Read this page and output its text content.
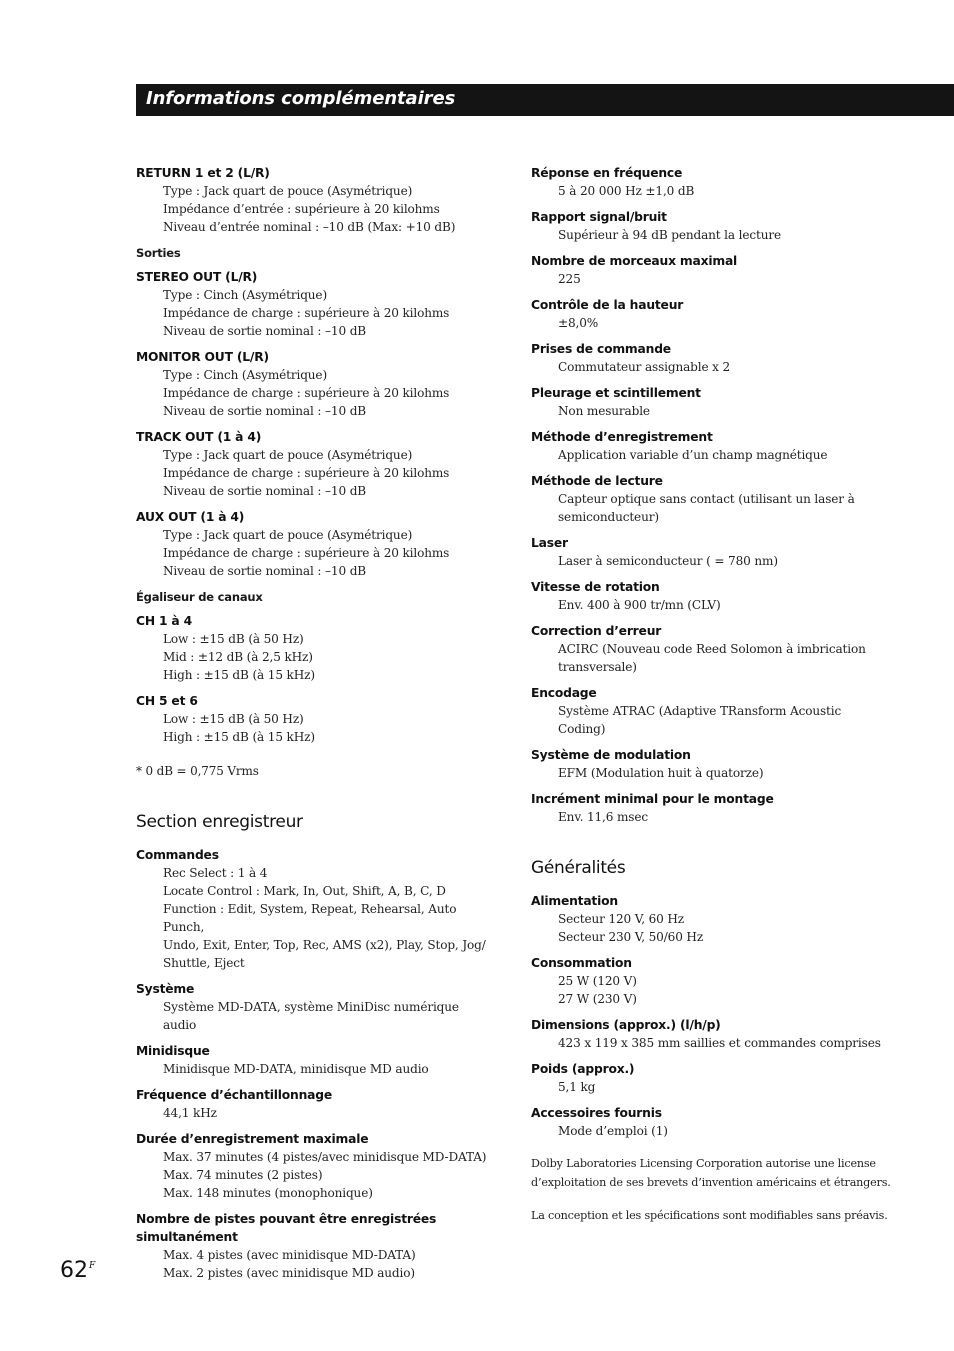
Informations complémentaires
RETURN 1 et 2 (L/R)
Type : Jack quart de pouce (Asymétrique)
Impédance d’entrée : supérieure à 20 kilohms
Niveau d’entrée nominal : –10 dB (Max: +10 dB)
Sorties
STEREO OUT (L/R)
Type : Cinch (Asymétrique)
Impédance de charge : supérieure à 20 kilohms
Niveau de sortie nominal : –10 dB
MONITOR OUT (L/R)
Type : Cinch (Asymétrique)
Impédance de charge : supérieure à 20 kilohms
Niveau de sortie nominal : –10 dB
TRACK OUT (1 à 4)
Type : Jack quart de pouce (Asymétrique)
Impédance de charge : supérieure à 20 kilohms
Niveau de sortie nominal : –10 dB
AUX OUT (1 à 4)
Type : Jack quart de pouce (Asymétrique)
Impédance de charge : supérieure à 20 kilohms
Niveau de sortie nominal : –10 dB
Égaliseur de canaux
CH 1 à 4
Low : ±15 dB (à 50 Hz)
Mid : ±12 dB (à 2,5 kHz)
High : ±15 dB (à 15 kHz)
CH 5 et 6
Low : ±15 dB (à 50 Hz)
High : ±15 dB (à 15 kHz)
* 0 dB = 0,775 Vrms
Section enregistreur
Commandes
Rec Select : 1 à 4
Locate Control : Mark, In, Out, Shift, A, B, C, D
Function : Edit, System, Repeat, Rehearsal, Auto Punch,
Undo, Exit, Enter, Top, Rec, AMS (x2), Play, Stop, Jog/
Shuttle, Eject
Système
Système MD-DATA, système MiniDisc numérique
audio
Minidisque
Minidisque MD-DATA, minidisque MD audio
Fréquence d’échantillonnage
44,1 kHz
Durée d’enregistrement maximale
Max. 37 minutes (4 pistes/avec minidisque MD-DATA)
Max. 74 minutes (2 pistes)
Max. 148 minutes (monophonique)
Nombre de pistes pouvant être enregistrées
simultanément
Max. 4 pistes (avec minidisque MD-DATA)
Max. 2 pistes (avec minidisque MD audio)
Réponse en fréquence
5 à 20 000 Hz ±1,0 dB
Rapport signal/bruit
Supérieur à 94 dB pendant la lecture
Nombre de morceaux maximal
225
Contrôle de la hauteur
±8,0%
Prises de commande
Commutateur assignable x 2
Pleurage et scintillement
Non mesurable
Méthode d’enregistrement
Application variable d’un champ magnétique
Méthode de lecture
Capteur optique sans contact (utilisant un laser à
semiconducteur)
Laser
Laser à semiconducteur ( = 780 nm)
Vitesse de rotation
Env. 400 à 900 tr/mn (CLV)
Correction d’erreur
ACIRC (Nouveau code Reed Solomon à imbrication
transversale)
Encodage
Système ATRAC (Adaptive TRansform Acoustic
Coding)
Système de modulation
EFM (Modulation huit à quatorze)
Incrément minimal pour le montage
Env. 11,6 msec
Généralités
Alimentation
Secteur 120 V, 60 Hz
Secteur 230 V, 50/60 Hz
Consommation
25 W (120 V)
27 W (230 V)
Dimensions (approx.) (l/h/p)
423 x 119 x 385 mm saillies et commandes comprises
Poids (approx.)
5,1 kg
Accessoires fournis
Mode d’emploi (1)
Dolby Laboratories Licensing Corporation autorise une license
d’exploitation de ses brevets d’invention américains et étrangers.
La conception et les spécifications sont modifiables sans préavis.
$62^F$
